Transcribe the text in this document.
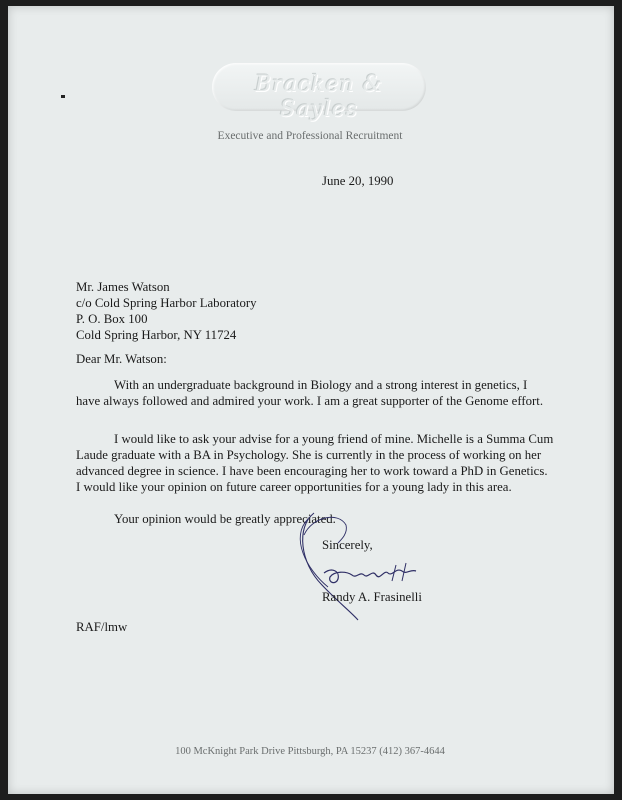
Bracken & Sayles
Executive and Professional Recruitment
June 20, 1990
Mr. James Watson
c/o Cold Spring Harbor Laboratory
P. O. Box 100
Cold Spring Harbor, NY 11724
Dear Mr. Watson:
With an undergraduate background in Biology and a strong interest in genetics, I have always followed and admired your work. I am a great supporter of the Genome effort.
I would like to ask your advise for a young friend of mine. Michelle is a Summa Cum Laude graduate with a BA in Psychology. She is currently in the process of working on her advanced degree in science. I have been encouraging her to work toward a PhD in Genetics. I would like your opinion on future career opportunities for a young lady in this area.
Your opinion would be greatly appreciated.
Sincerely,
Randy A. Frasinelli
RAF/lmw
100 McKnight Park Drive Pittsburgh, PA 15237 (412) 367-4644
